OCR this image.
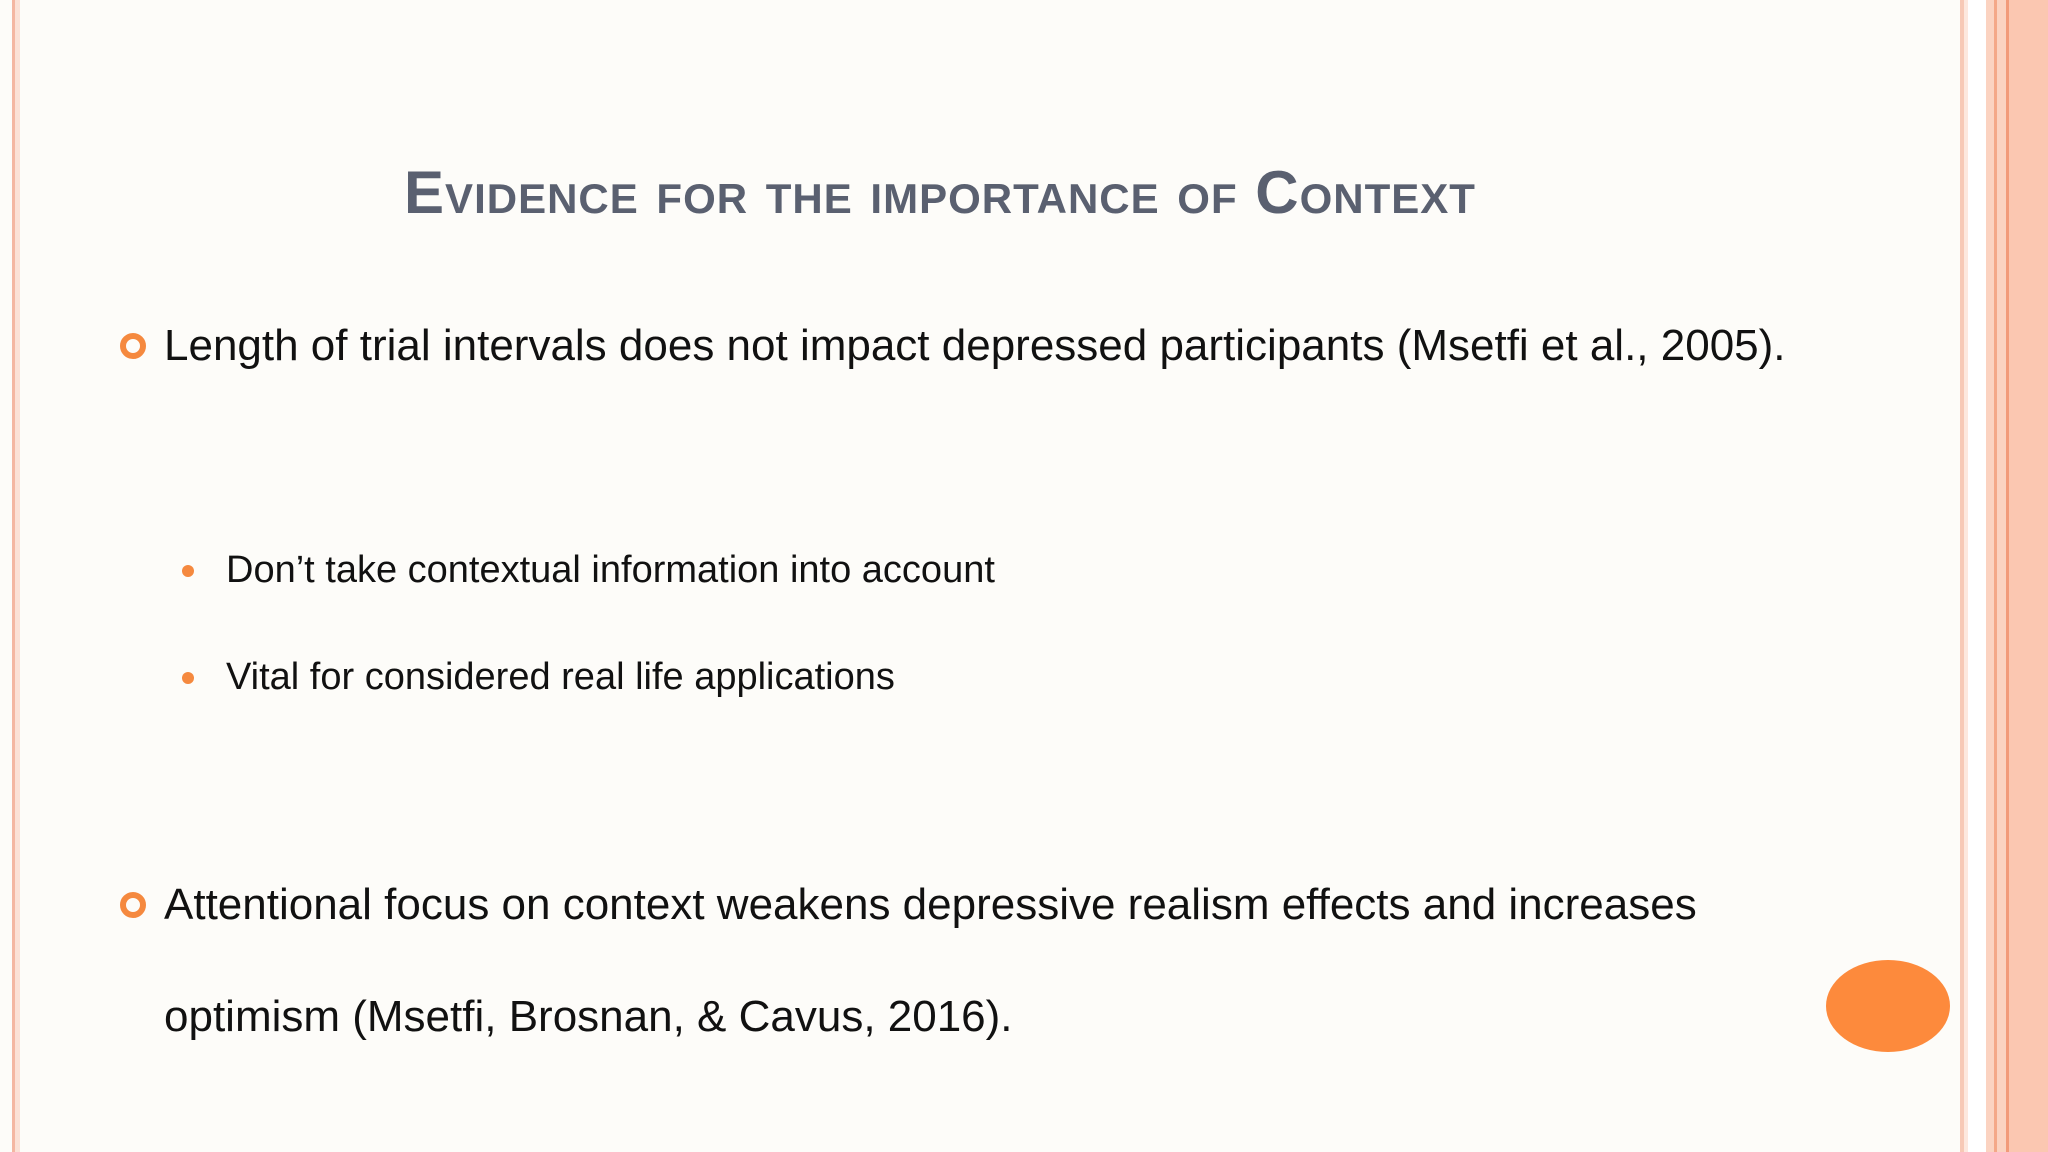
Evidence for the importance of Context
Length of trial intervals does not impact depressed participants (Msetfi et al., 2005).
Don’t take contextual information into account
Vital for considered real life applications
Attentional focus on context weakens depressive realism effects and increases optimism (Msetfi, Brosnan, & Cavus, 2016).
